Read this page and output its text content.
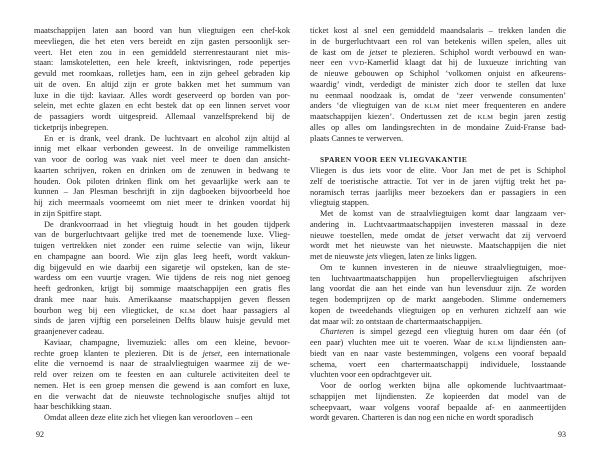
maatschappijen laten aan boord van hun vliegtuigen een chef-kok
meevliegen, die het eten vers bereidt en zijn gasten persoonlijk ser-
veert. Het eten zou in een gemiddeld sterrenrestaurant niet mis-
staan: lamskoteletten, een hele kreeft, inktvisringen, rode pepertjes
gevuld met roomkaas, rolletjes ham, een in zijn geheel gebraden kip
uit de oven. En altijd zijn er grote bakken met het summum van
luxe in die tijd: kaviaar. Alles wordt geserveerd op borden van por-
selein, met echte glazen en echt bestek dat op een linnen servet voor
de passagiers wordt uitgespreid. Allemaal vanzelfsprekend bij de
ticketprijs inbegrepen.
En er is drank, veel drank. De luchtvaart en alcohol zijn altijd al
innig met elkaar verbonden geweest. In de onveilige rammelkisten
van voor de oorlog was vaak niet veel meer te doen dan ansicht-
kaarten schrijven, roken en drinken om de zenuwen in bedwang te
houden. Ook piloten drinken flink om het gevaarlijke werk aan te
kunnen – Jan Plesman beschrijft in zijn dagboeken bijvoorbeeld hoe
hij zich meermaals voorneemt om niet meer te drinken voordat hij
in zijn Spitfire stapt.
De drankvoorraad in het vliegtuig houdt in het gouden tijdperk
van de burgerluchtvaart gelijke tred met de toenemende luxe. Vlieg-
tuigen vertrekken niet zonder een ruime selectie van wijn, likeur
en champagne aan boord. Wie zijn glas leeg heeft, wordt vakkun-
dig bijgevuld en wie daarbij een sigaretje wil opsteken, kan de ste-
wardess om een vuurtje vragen. Wie tijdens de reis nog niet genoeg
heeft gedronken, krijgt bij sommige maatschappijen een gratis fles
drank mee naar huis. Amerikaanse maatschappijen geven flessen
bourbon weg bij een vliegticket, de KLM doet haar passagiers al
sinds de jaren vijftig een porseleinen Delfts blauw huisje gevuld met
graanjenever cadeau.
Kaviaar, champagne, livemuziek: alles om een kleine, bevoor-
rechte groep klanten te plezieren. Dit is de jetset, een internationale
elite die vernoemd is naar de straalvliegtuigen waarmee zij de we-
reld over reizen om te feesten en aan culturele activiteiten deel te
nemen. Het is een groep mensen die gewend is aan comfort en luxe,
en die verwacht dat de nieuwste technologische snufjes altijd tot
haar beschikking staan.
Omdat alleen deze elite zich het vliegen kan veroorloven – een
ticket kost al snel een gemiddeld maandsalaris – trekken landen die
in de burgerluchtvaart een rol van betekenis willen spelen, alles uit
de kast om de jetset te plezieren. Schiphol wordt verbouwd en wan-
neer een VVD-Kamerlid klaagt dat hij de luxueuze inrichting van
de nieuwe gebouwen op Schiphol ‘volkomen onjuist en afkeurens-
waardig’ vindt, verdedigt de minister zich door te stellen dat luxe
nu eenmaal noodzaak is, omdat de ‘zeer verwende consumenten’
anders ‘de vliegtuigen van de KLM niet meer frequenteren en andere
maatschappijen kiezen’. Ondertussen zet de KLM begin jaren zestig
alles op alles om landingsrechten in de mondaine Zuid-Franse bad-
plaats Cannes te verwerven.
SPAREN VOOR EEN VLIEGVAKANTIE
Vliegen is dus iets voor de elite. Voor Jan met de pet is Schiphol
zelf de toeristische attractie. Tot ver in de jaren vijftig trekt het pa-
noramisch terras jaarlijks meer bezoekers dan er passagiers in een
vliegtuig stappen.
Met de komst van de straalvliegtuigen komt daar langzaam ver-
andering in. Luchtvaartmaatschappijen investeren massaal in deze
nieuwe toestellen, mede omdat de jetset verwacht dat zij vervoerd
wordt met het nieuwste van het nieuwste. Maatschappijen die niet
met de nieuwste jets vliegen, laten ze links liggen.
Om te kunnen investeren in de nieuwe straalvliegtuigen, moe-
ten luchtvaartmaatschappijen hun propellervliegtuigen afschrijven
lang voordat die aan het einde van hun levensduur zijn. Ze worden
tegen bodemprijzen op de markt aangeboden. Slimme ondernemers
kopen de tweedehands vliegtuigen op en verhuren zichzelf aan wie
dat maar wil: zo ontstaan de chartermaatschappijen.
Charteren is simpel gezegd een vliegtuig huren om daar één (of
een paar) vluchten mee uit te voeren. Waar de KLM lijndiensten aan-
biedt van en naar vaste bestemmingen, volgens een vooraf bepaald
schema, voert een chartermaatschappij individuele, losstaande
vluchten voor een opdrachtgever uit.
Voor de oorlog werkten bijna alle opkomende luchtvaartmaat-
schappijen met lijndiensten. Ze kopieerden dat model van de
scheepvaart, waar volgens vooraf bepaalde af- en aanmeertijden
wordt gevaren. Charteren is dan nog een niche en wordt sporadisch
92	93
